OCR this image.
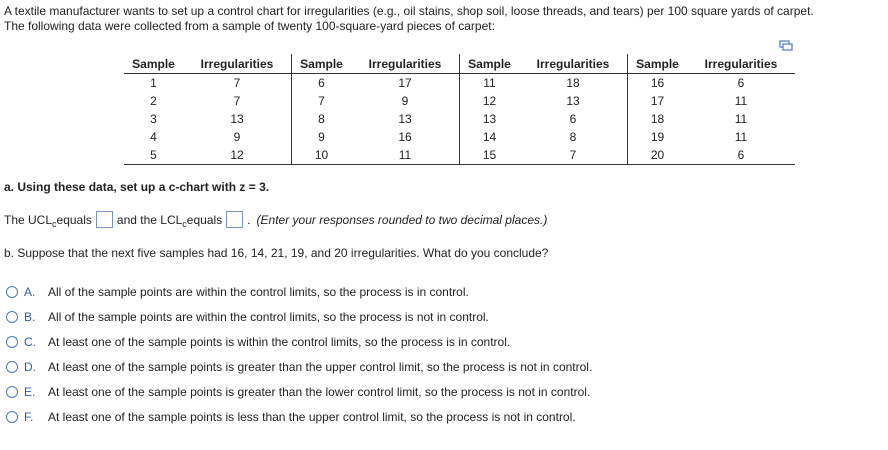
A textile manufacturer wants to set up a control chart for irregularities (e.g., oil stains, shop soil, loose threads, and tears) per 100 square yards of carpet.
The following data were collected from a sample of twenty 100-square-yard pieces of carpet:
Sample	Irregularities	Sample	Irregularities	Sample	Irregularities	Sample	Irregularities
1	7	6	17	11	18	16	6
2	7	7	9	12	13	17	11
3	13	8	13	13	6	18	11
4	9	9	16	14	8	19	11
5	12	10	11	15	7	20	6
a. Using these data, set up a c-chart with z = 3.
The UCL c equals and the LCL c equals . (Enter your responses rounded to two decimal places.)
b. Suppose that the next five samples had 16, 14, 21, 19, and 20 irregularities. What do you conclude?
A.	All of the sample points are within the control limits, so the process is in control.
B.	All of the sample points are within the control limits, so the process is not in control.
C.	At least one of the sample points is within the control limits, so the process is in control.
D.	At least one of the sample points is greater than the upper control limit, so the process is not in control.
E.	At least one of the sample points is greater than the lower control limit, so the process is not in control.
F.	At least one of the sample points is less than the upper control limit, so the process is not in control.
